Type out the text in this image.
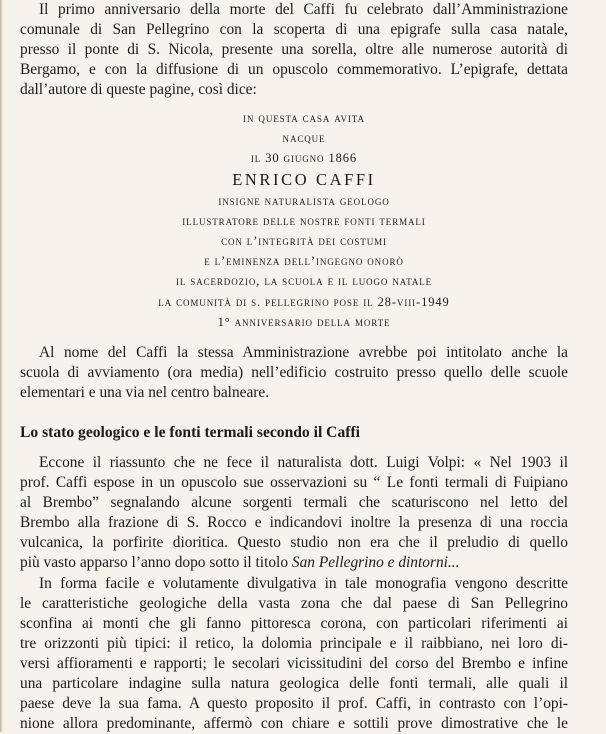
Il primo anniversario della morte del Caffi fu celebrato dall’Amministrazione
comunale di San Pellegrino con la scoperta di una epigrafe sulla casa natale,
presso il ponte di S. Nicola, presente una sorella, oltre alle numerose autorità di
Bergamo, e con la diffusione di un opuscolo commemorativo. L’epigrafe, dettata
dall’autore di queste pagine, così dice:

in questa casa avita
nacque
il 30 giugno 1866
ENRICO CAFFI
insigne naturalista geologo
illustratore delle nostre fonti termali
con l’integrità dei costumi
e l’eminenza dell’ingegno onorò
il sacerdozio, la scuola e il luogo natale

la comunità di s. pellegrino pose il 28-viii-1949
1° anniversario della morte

Al nome del Caffi la stessa Amministrazione avrebbe poi intitolato anche la
scuola di avviamento (ora media) nell’edificio costruito presso quello delle scuole
elementari e una via nel centro balneare.

Lo stato geologico e le fonti termali secondo il Caffi

Eccone il riassunto che ne fece il naturalista dott. Luigi Volpi: « Nel 1903 il
prof. Caffi espose in un opuscolo sue osservazioni su “ Le fonti termali di Fuipiano
al Brembo” segnalando alcune sorgenti termali che scaturiscono nel letto del
Brembo alla frazione di S. Rocco e indicandovi inoltre la presenza di una roccia
vulcanica, la porfirite dioritica. Questo studio non era che il preludio di quello
più vasto apparso l’anno dopo sotto il titolo San Pellegrino e dintorni...
In forma facile e volutamente divulgativa in tale monografia vengono descritte
le caratteristiche geologiche della vasta zona che dal paese di San Pellegrino
sconfina ai monti che gli fanno pittoresca corona, con particolari riferimenti ai
tre orizzonti più tipici: il retico, la dolomia principale e il raibbiano, nei loro di-
versi affioramenti e rapporti; le secolari vicissitudini del corso del Brembo e infine
una particolare indagine sulla natura geologica delle fonti termali, alle quali il
paese deve la sua fama. A questo proposito il prof. Caffi, in contrasto con l’opi-
nione allora predominante, affermò con chiare e sottili prove dimostrative che le
